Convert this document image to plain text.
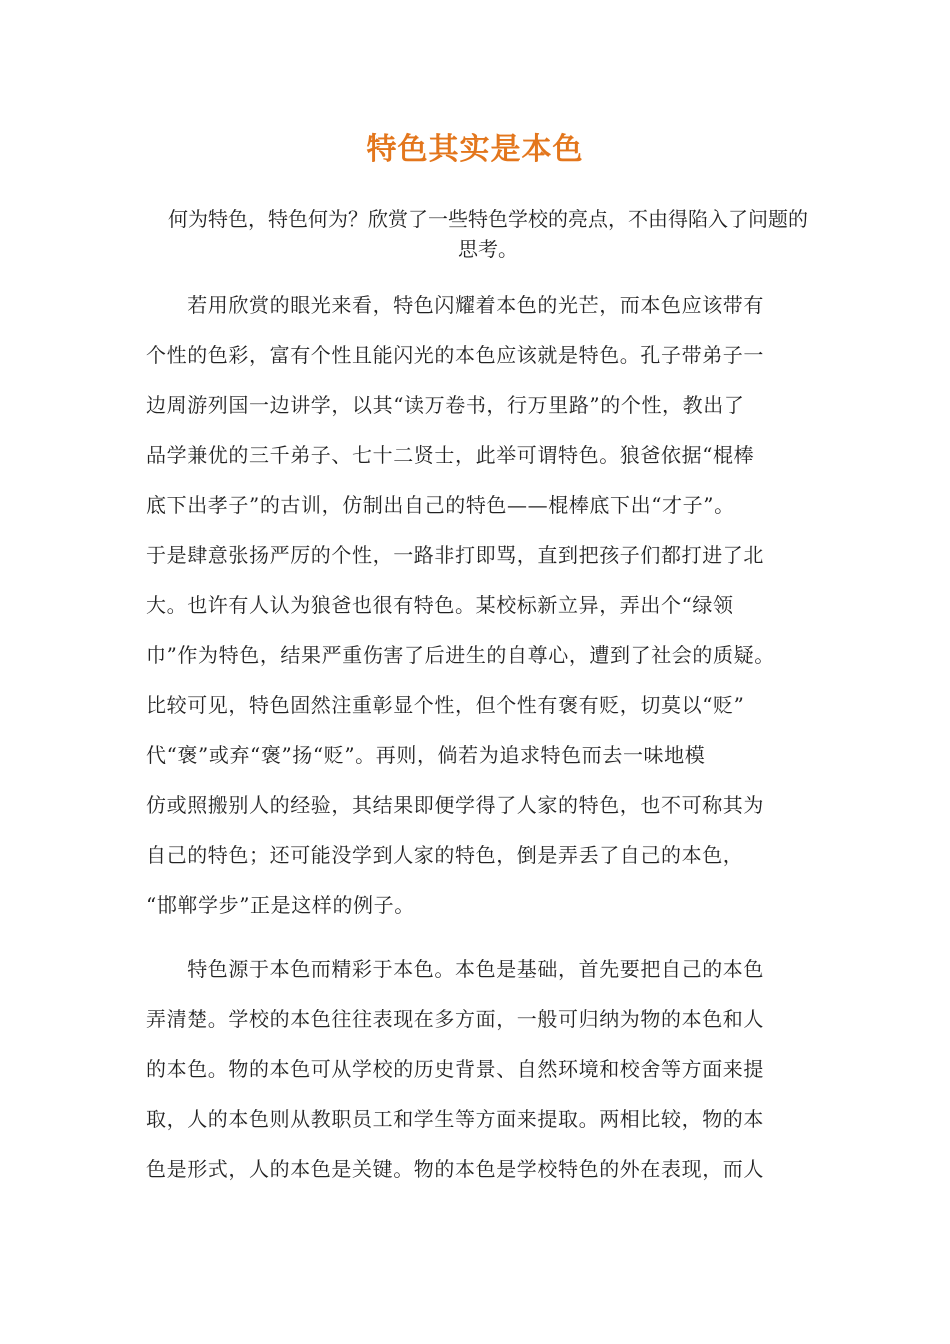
特色其实是本色
何为特色，特色何为？欣赏了一些特色学校的亮点，不由得陷入了问题的思考。
　　若用欣赏的眼光来看，特色闪耀着本色的光芒，而本色应该带有
个性的色彩，富有个性且能闪光的本色应该就是特色。孔子带弟子一
边周游列国一边讲学，以其“读万卷书，行万里路”的个性，教出了
品学兼优的三千弟子、七十二贤士，此举可谓特色。狼爸依据“棍棒
底下出孝子”的古训，仿制出自己的特色——棍棒底下出“才子”。
于是肆意张扬严厉的个性，一路非打即骂，直到把孩子们都打进了北
大。也许有人认为狼爸也很有特色。某校标新立异，弄出个“绿领
巾”作为特色，结果严重伤害了后进生的自尊心，遭到了社会的质疑。
比较可见，特色固然注重彰显个性，但个性有褒有贬，切莫以“贬”
代“褒”或弃“褒”扬“贬”。再则，倘若为追求特色而去一味地模
仿或照搬别人的经验，其结果即便学得了人家的特色，也不可称其为
自己的特色；还可能没学到人家的特色，倒是弄丢了自己的本色，
“邯郸学步”正是这样的例子。
　　特色源于本色而精彩于本色。本色是基础，首先要把自己的本色
弄清楚。学校的本色往往表现在多方面，一般可归纳为物的本色和人
的本色。物的本色可从学校的历史背景、自然环境和校舍等方面来提
取，人的本色则从教职员工和学生等方面来提取。两相比较，物的本
色是形式，人的本色是关键。物的本色是学校特色的外在表现，而人
